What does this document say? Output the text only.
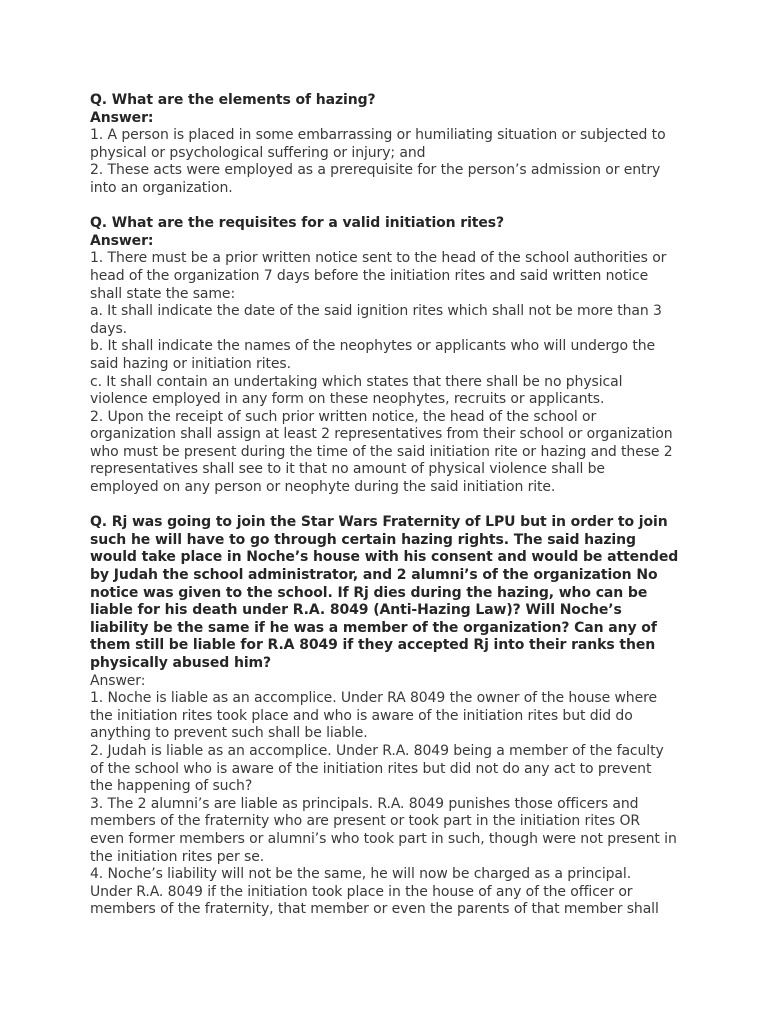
Q. What are the elements of hazing?
Answer:
1. A person is placed in some embarrassing or humiliating situation or subjected to
physical or psychological suffering or injury; and
2. These acts were employed as a prerequisite for the person’s admission or entry
into an organization.
Q. What are the requisites for a valid initiation rites?
Answer:
1. There must be a prior written notice sent to the head of the school authorities or
head of the organization 7 days before the initiation rites and said written notice
shall state the same:
a. It shall indicate the date of the said ignition rites which shall not be more than 3
days.
b. It shall indicate the names of the neophytes or applicants who will undergo the
said hazing or initiation rites.
c. It shall contain an undertaking which states that there shall be no physical
violence employed in any form on these neophytes, recruits or applicants.
2. Upon the receipt of such prior written notice, the head of the school or
organization shall assign at least 2 representatives from their school or organization
who must be present during the time of the said initiation rite or hazing and these 2
representatives shall see to it that no amount of physical violence shall be
employed on any person or neophyte during the said initiation rite.
Q. Rj was going to join the Star Wars Fraternity of LPU but in order to join
such he will have to go through certain hazing rights. The said hazing
would take place in Noche’s house with his consent and would be attended
by Judah the school administrator, and 2 alumni’s of the organization No
notice was given to the school. If Rj dies during the hazing, who can be
liable for his death under R.A. 8049 (Anti-Hazing Law)? Will Noche’s
liability be the same if he was a member of the organization? Can any of
them still be liable for R.A 8049 if they accepted Rj into their ranks then
physically abused him?
Answer:
1. Noche is liable as an accomplice. Under RA 8049 the owner of the house where
the initiation rites took place and who is aware of the initiation rites but did do
anything to prevent such shall be liable.
2. Judah is liable as an accomplice. Under R.A. 8049 being a member of the faculty
of the school who is aware of the initiation rites but did not do any act to prevent
the happening of such?
3. The 2 alumni’s are liable as principals. R.A. 8049 punishes those officers and
members of the fraternity who are present or took part in the initiation rites OR
even former members or alumni’s who took part in such, though were not present in
the initiation rites per se.
4. Noche’s liability will not be the same, he will now be charged as a principal.
Under R.A. 8049 if the initiation took place in the house of any of the officer or
members of the fraternity, that member or even the parents of that member shall
